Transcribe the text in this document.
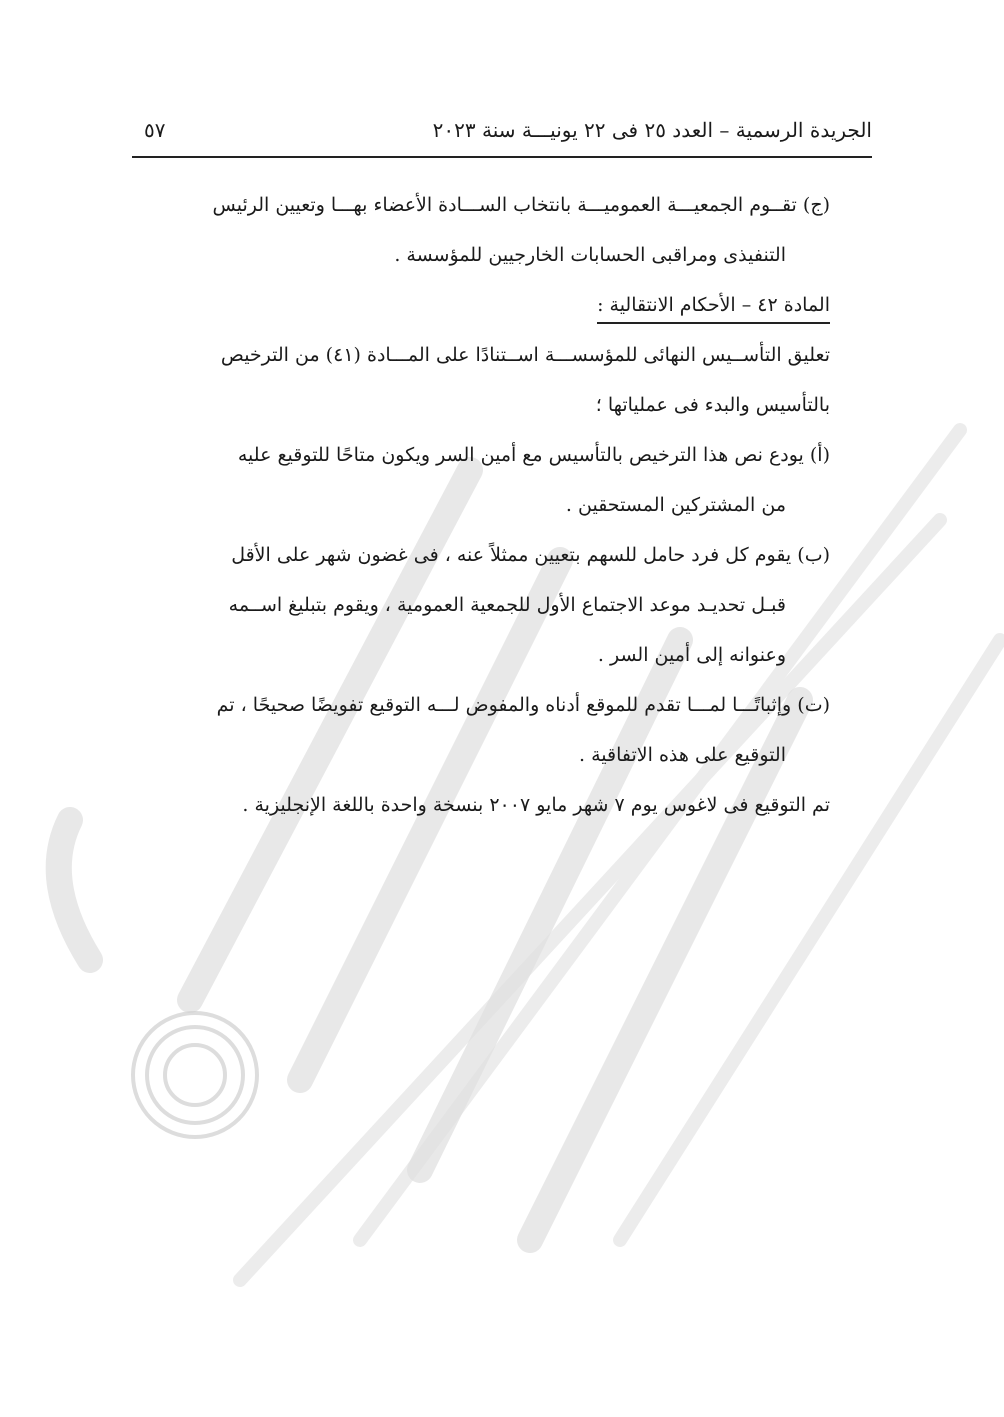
الجريدة الرسمية – العدد ٢٥ فى ٢٢ يونيـــة سنة ٢٠٢٣
٥٧
(ج) تقــوم الجمعيـــة العموميـــة بانتخاب الســـادة الأعضاء بهـــا وتعيين الرئيس
التنفيذى ومراقبى الحسابات الخارجيين للمؤسسة .
المادة ٤٢ – الأحكام الانتقالية :
تعليق التأســيس النهائى للمؤسســـة اســتنادًا على المـــادة (٤١) من الترخيص
بالتأسيس والبدء فى عملياتها ؛
(أ) يودع نص هذا الترخيص بالتأسيس مع أمين السر ويكون متاحًا للتوقيع عليه
من المشتركين المستحقين .
(ب) يقوم كل فرد حامل للسهم بتعيين ممثلاً عنه ، فى غضون شهر على الأقل
قبـل تحديـد موعد الاجتماع الأول للجمعية العمومية ، ويقوم بتبليغ اســمه
وعنوانه إلى أمين السر .
(ت) وإثباتًـــا لمـــا تقدم للموقع أدناه والمفوض لـــه التوقيع تفويضًا صحيحًا ، تم
التوقيع على هذه الاتفاقية .
تم التوقيع فى لاغوس يوم ٧ شهر مايو ٢٠٠٧ بنسخة واحدة باللغة الإنجليزية .
